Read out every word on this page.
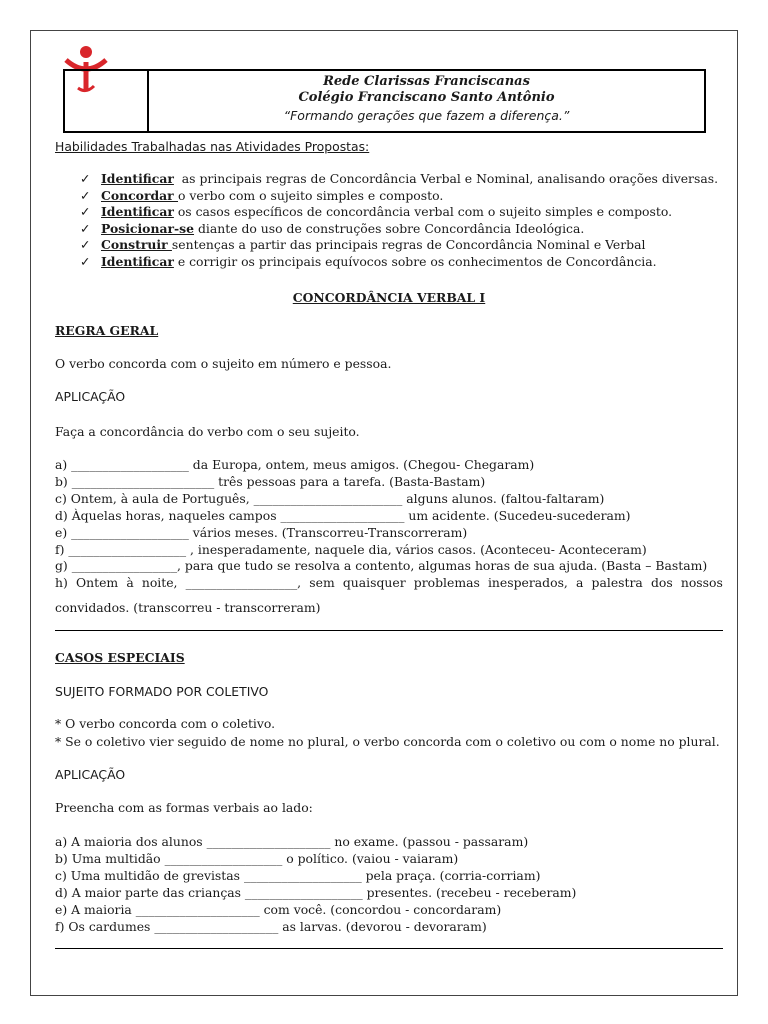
Rede Clarissas Franciscanas
Colégio Franciscano Santo Antônio
“Formando gerações que fazem a diferença.”
Habilidades Trabalhadas nas Atividades Propostas:
✓ Identificar  as principais regras de Concordância Verbal e Nominal, analisando orações diversas.
✓ Concordar o verbo com o sujeito simples e composto.
✓ Identificar os casos específicos de concordância verbal com o sujeito simples e composto.
✓ Posicionar-se diante do uso de construções sobre Concordância Ideológica.
✓ Construir sentenças a partir das principais regras de Concordância Nominal e Verbal
✓ Identificar e corrigir os principais equívocos sobre os conhecimentos de Concordância.
CONCORDÂNCIA VERBAL I
REGRA GERAL
O verbo concorda com o sujeito em número e pessoa.
APLICAÇÃO
Faça a concordância do verbo com o seu sujeito.
a) ___________________ da Europa, ontem, meus amigos. (Chegou- Chegaram)
b) _______________________ três pessoas para a tarefa. (Basta-Bastam)
c) Ontem, à aula de Português, ________________________ alguns alunos. (faltou-faltaram)
d) Àquelas horas, naqueles campos ____________________ um acidente. (Sucedeu-sucederam)
e) ___________________ vários meses. (Transcorreu-Transcorreram)
f) ___________________ , inesperadamente, naquele dia, vários casos. (Aconteceu- Aconteceram)
g) _________________, para que tudo se resolva a contento, algumas horas de sua ajuda. (Basta – Bastam)
h) Ontem à noite, __________________, sem quaisquer problemas inesperados, a palestra dos nossos
convidados. (transcorreu - transcorreram)
CASOS ESPECIAIS
SUJEITO FORMADO POR COLETIVO
* O verbo concorda com o coletivo.
* Se o coletivo vier seguido de nome no plural, o verbo concorda com o coletivo ou com o nome no plural.
APLICAÇÃO
Preencha com as formas verbais ao lado:
a) A maioria dos alunos ____________________ no exame. (passou - passaram)
b) Uma multidão ___________________ o político. (vaiou - vaiaram)
c) Uma multidão de grevistas ___________________ pela praça. (corria-corriam)
d) A maior parte das crianças ___________________ presentes. (recebeu - receberam)
e) A maioria ____________________ com você. (concordou - concordaram)
f) Os cardumes ____________________ as larvas. (devorou - devoraram)
